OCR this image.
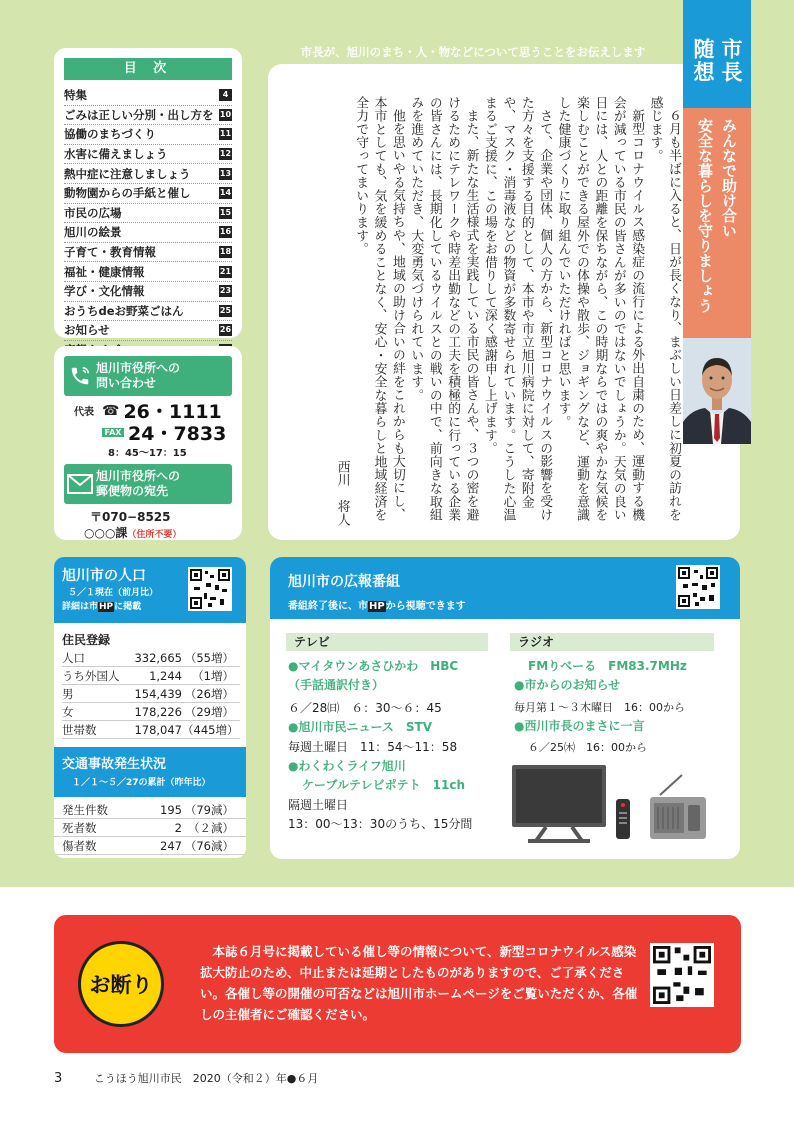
目 次
特集	4
ごみは正しい分別・出し方を 10
協働のまちづくり	11
水害に備えましょう	12
熱中症に注意しましょう	13
動物園からの手紙と催し	14
市民の広場	15
旭川の絵景	16
子育て・教育情報	18
福祉・健康情報	21
学び・文化情報	23
おうちdeお野菜ごはん	25
お知らせ	26
旭川市役所への
問い合わせ
代表 ☎ 26・1111
FAX 24・7833
8：45〜17：15
旭川市役所への
郵便物の宛先
〒070−8525
○○○課（住所不要）
市長が、旭川のまち・人・物などについて思うことをお伝えします

６月も半ばに入ると、日が長くなり、まぶしい日差しに初夏の訪れを感じます。

新型コロナウイルス感染症の流行による外出自粛のため、運動する機会が減っている市民の皆さんが多いのではないでしょうか。天気の良い日には、人との距離を保ちながら、この時期ならではの爽やかな気候を楽しむことができる屋外での体操や散歩、ジョギングなど、運動を意識した健康づくりに取り組んでいただければと思います。

さて、企業や団体、個人の方から、新型コロナウイルスの影響を受けた方々を支援する目的として、本市や市立旭川病院に対して、寄附金や、マスク・消毒液などの物資が多数寄せられています。こうした心温まるご支援に、この場をお借りして深く感謝申し上げます。

また、新たな生活様式を実践している市民の皆さんや、３つの密を避けるためにテレワークや時差出勤などの工夫を積極的に行っている企業の皆さんには、長期化しているウイルスとの戦いの中で、前向きな取組みを進めていただき、大変勇気づけられています。

他を思いやる気持ちや、地域の助け合いの絆をこれからも大切にし、本市としても、気を緩めることなく、安心・安全な暮らしと地域経済を全力で守ってまいります。

西川　将人

市長
随想
みんなで助け合い
安全な暮らしを守りましょう
旭川市の人口
５／１現在（前月比）
詳細は市HPに掲載
住民登録
人口	332,665 （55増）
うち外国人	1,244 （1増）
男	154,439 （26増）
女	178,226 （29増）
世帯数	178,047 （445増）
交通事故発生状況
１／１〜５／27の累計（昨年比）
発生件数	195 （79減）
死者数	2 （２減）
傷者数	247 （76減）
旭川市の広報番組
番組終了後に、市HPから視聴できます
テレビ	ラジオ
●マイタウンあさひかわ　HBC
（手話通訳付き）
６／28㈰　６：30〜６：45
●旭川市民ニュース　STV
毎週土曜日　11：54〜11：58
●わくわくライフ旭川
ケーブルテレビポテト　11ch
隔週土曜日
13：00〜13：30のうち、15分間
FMりべーる　FM83.7MHz
●市からのお知らせ
毎月第１〜３木曜日　16：00から
●西川市長のまさに一言
６／25㈭　16：00から
お断り
本誌６月号に掲載している催し等の情報について、新型コロナウイルス感染拡大防止のため、中止または延期としたものがありますので、ご了承ください。各催し等の開催の可否などは旭川市ホームページをご覧いただくか、各催しの主催者にご確認ください。
3	こうほう旭川市民　2020（令和２）年●６月
